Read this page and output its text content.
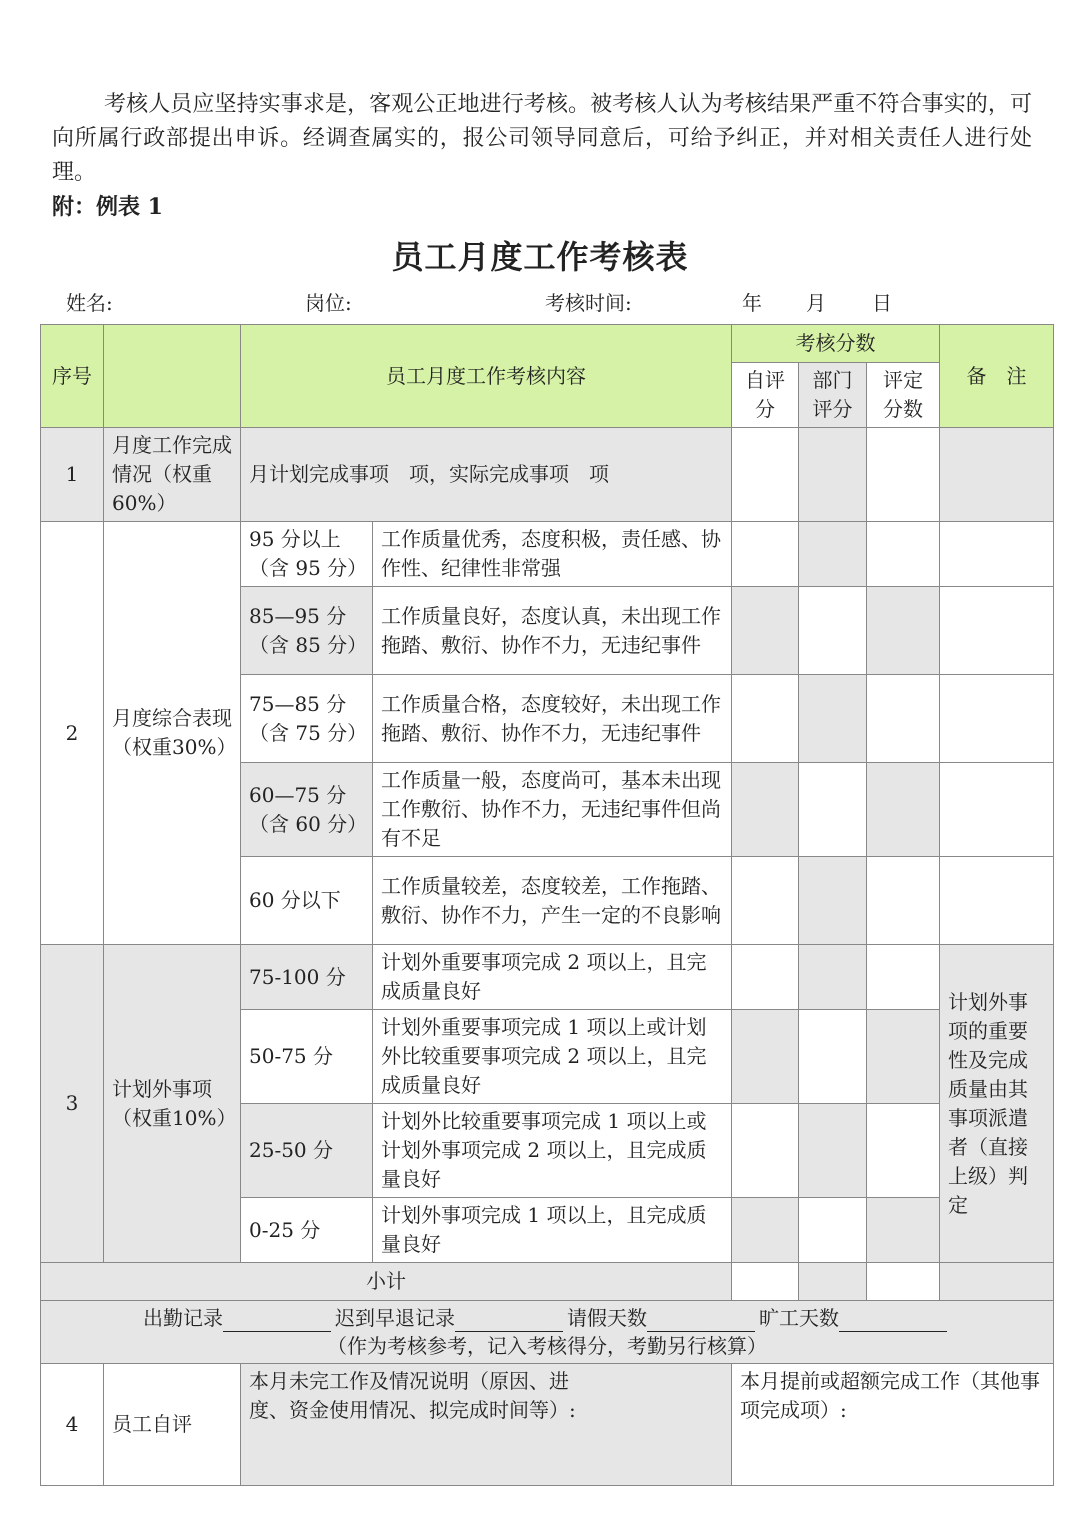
考核人员应坚持实事求是，客观公正地进行考核。被考核人认为考核结果严重不符合事实的，可向所属行政部提出申诉。经调查属实的，报公司领导同意后，可给予纠正，并对相关责任人进行处理。

附：例表 1
员工月度工作考核表
姓名:	岗位:	考核时间:	年 月 日
序号		员工月度工作考核内容		考核分数			备　注
				自评分	部门评分	评定分数	
1	月度工作完成情况（权重 60%）	月计划完成事项　项，实际完成事项　项					
2	月度综合表现（权重30%）	95 分以上（含 95 分）	工作质量优秀，态度积极，责任感、协作性、纪律性非常强				
		85—95 分（含 85 分）	工作质量良好，态度认真，未出现工作拖踏、敷衍、协作不力，无违纪事件				
		75—85 分（含 75 分）	工作质量合格，态度较好，未出现工作拖踏、敷衍、协作不力，无违纪事件				
		60—75 分（含 60 分）	工作质量一般，态度尚可，基本未出现工作敷衍、协作不力，无违纪事件但尚有不足				
		60 分以下	工作质量较差，态度较差，工作拖踏、敷衍、协作不力，产生一定的不良影响				
3	计划外事项（权重10%）	75-100 分	计划外重要事项完成 2 项以上，且完成质量良好				计划外事项的重要性及完成质量由其事项派遣者（直接上级）判定
		50-75 分	计划外重要事项完成 1 项以上或计划外比较重要事项完成 2 项以上，且完成质量良好				
		25-50 分	计划外比较重要事项完成 1 项以上或计划外事项完成 2 项以上，且完成质量良好				
		0-25 分	计划外事项完成 1 项以上，且完成质量良好				
小计							
出勤记录 迟到早退记录 请假天数 旷工天数
（作为考核参考，记入考核得分，考勤另行核算）							
4	员工自评	本月未完工作及情况说明（原因、进度、资金使用情况、拟完成时间等）:		本月提前或超额完成工作（其他事项完成项）:			
